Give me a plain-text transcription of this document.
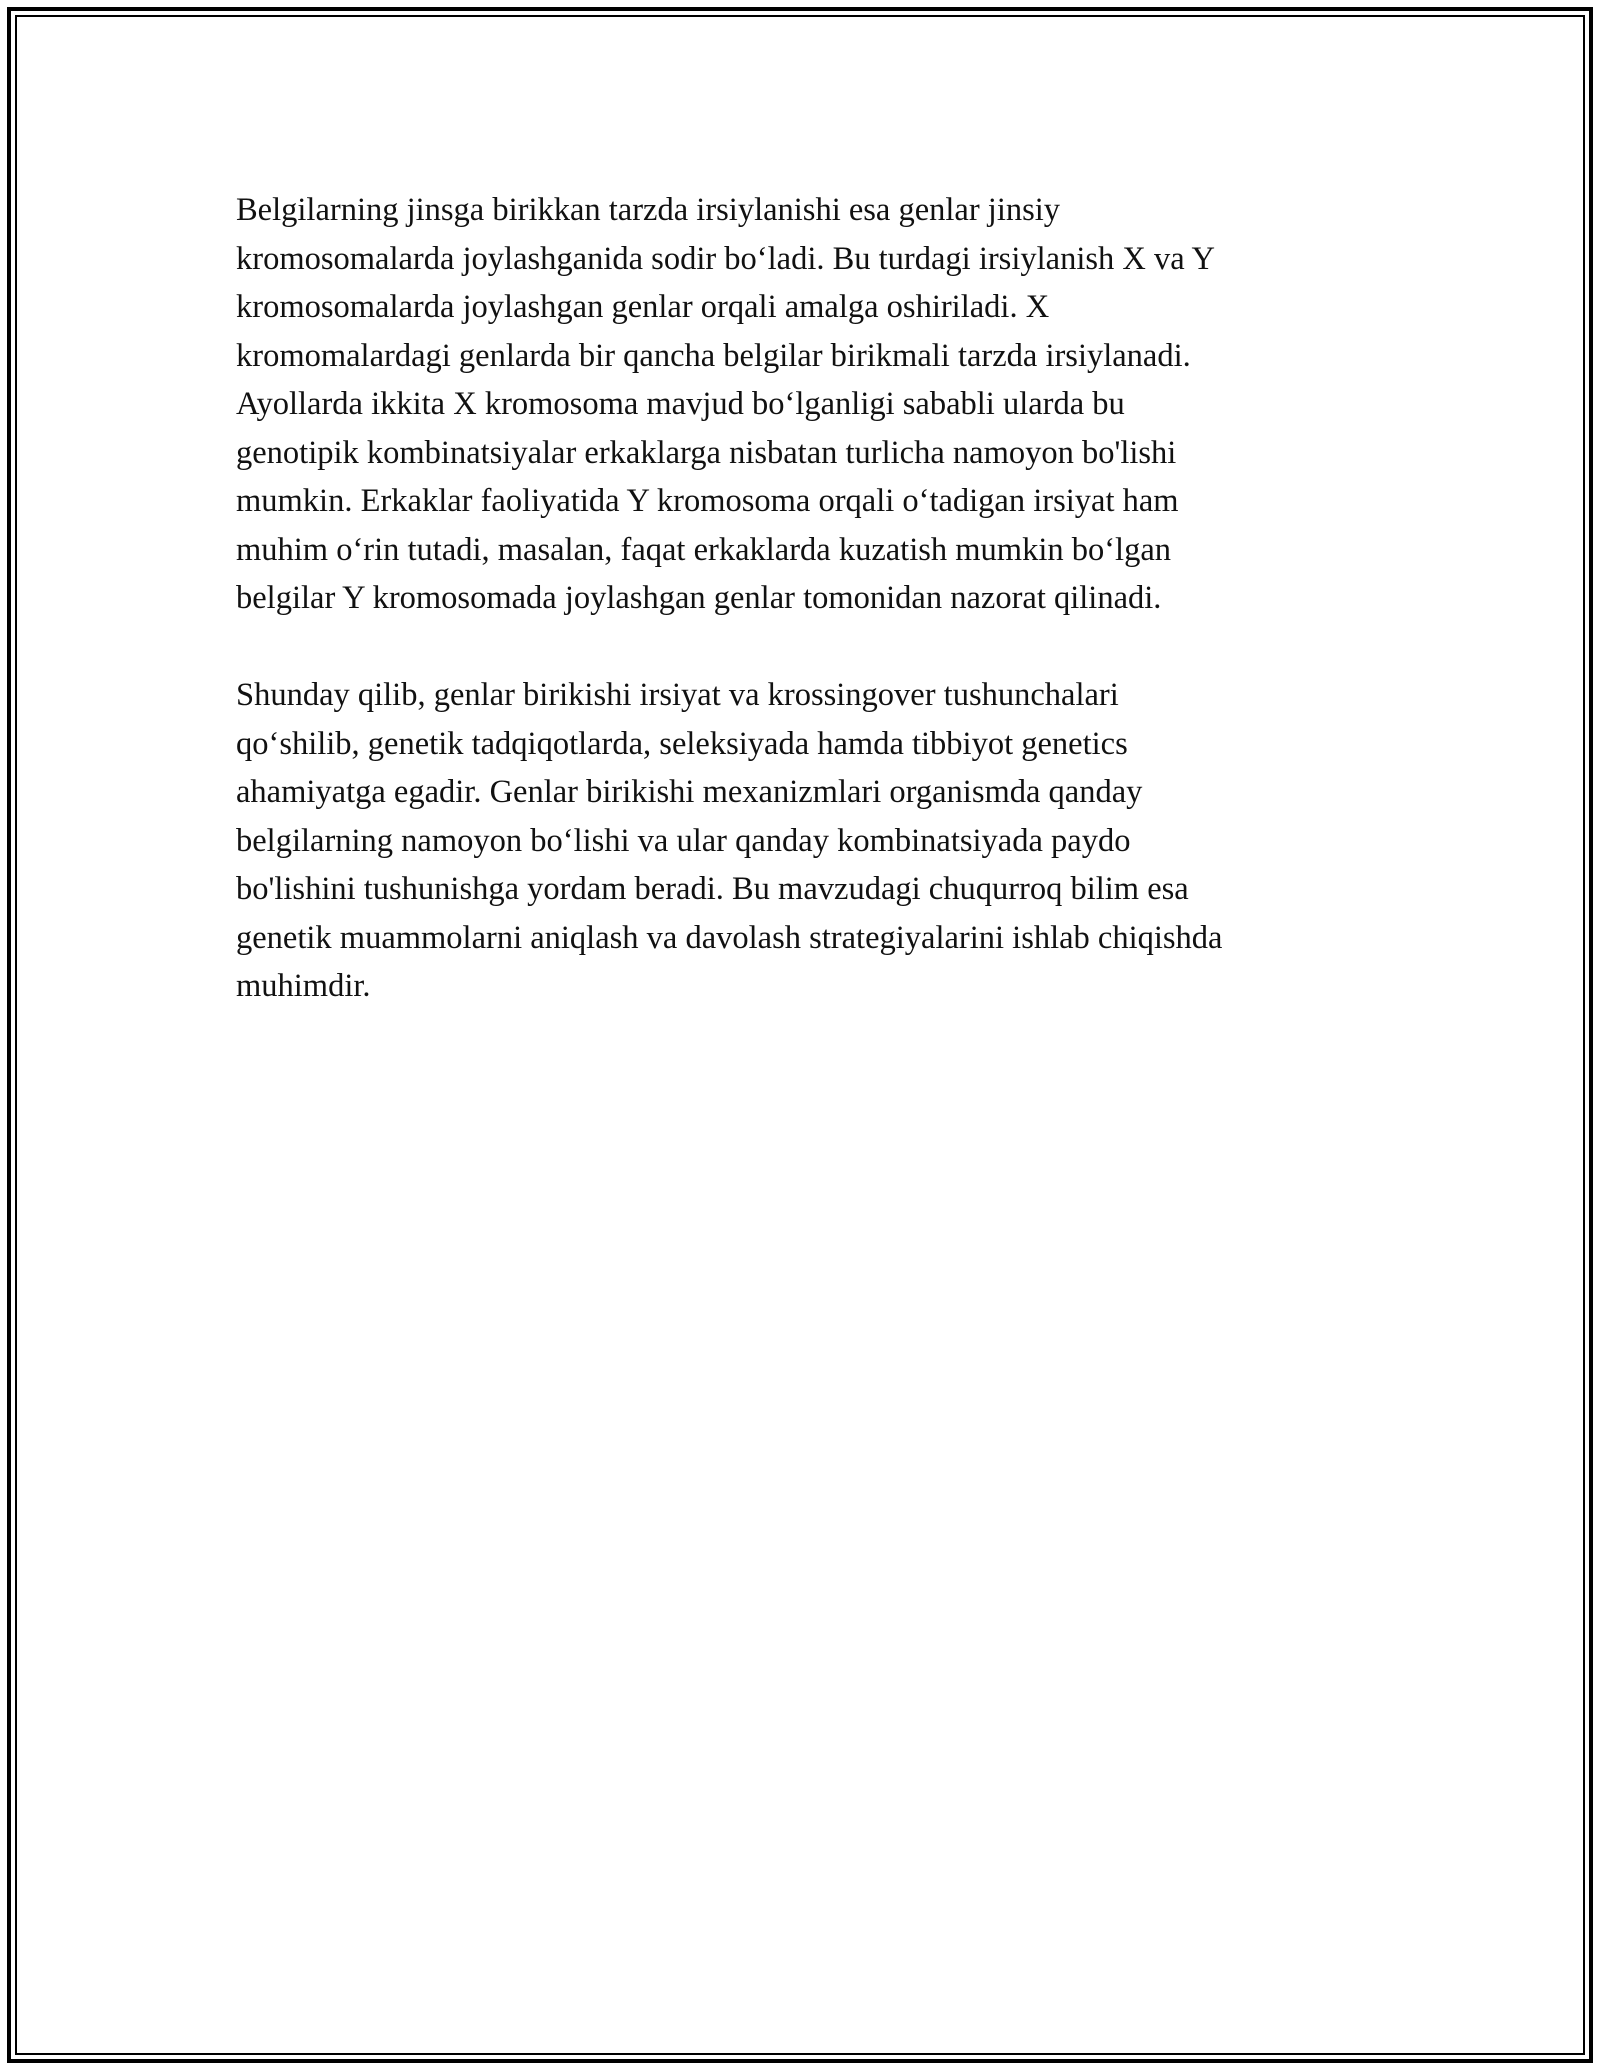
Belgilarning jinsga birikkan tarzda irsiylanishi esa genlar jinsiy
kromosomalarda joylashganida sodir bo‘ladi. Bu turdagi irsiylanish X va Y
kromosomalarda joylashgan genlar orqali amalga oshiriladi. X
kromomalardagi genlarda bir qancha belgilar birikmali tarzda irsiylanadi.
Ayollarda ikkita X kromosoma mavjud bo‘lganligi sababli ularda bu
genotipik kombinatsiyalar erkaklarga nisbatan turlicha namoyon bo'lishi
mumkin. Erkaklar faoliyatida Y kromosoma orqali o‘tadigan irsiyat ham
muhim o‘rin tutadi, masalan, faqat erkaklarda kuzatish mumkin bo‘lgan
belgilar Y kromosomada joylashgan genlar tomonidan nazorat qilinadi.

Shunday qilib, genlar birikishi irsiyat va krossingover tushunchalari
qo‘shilib, genetik tadqiqotlarda, seleksiyada hamda tibbiyot genetics
ahamiyatga egadir. Genlar birikishi mexanizmlari organismda qanday
belgilarning namoyon bo‘lishi va ular qanday kombinatsiyada paydo
bo'lishini tushunishga yordam beradi. Bu mavzudagi chuqurroq bilim esa
genetik muammolarni aniqlash va davolash strategiyalarini ishlab chiqishda
muhimdir.
